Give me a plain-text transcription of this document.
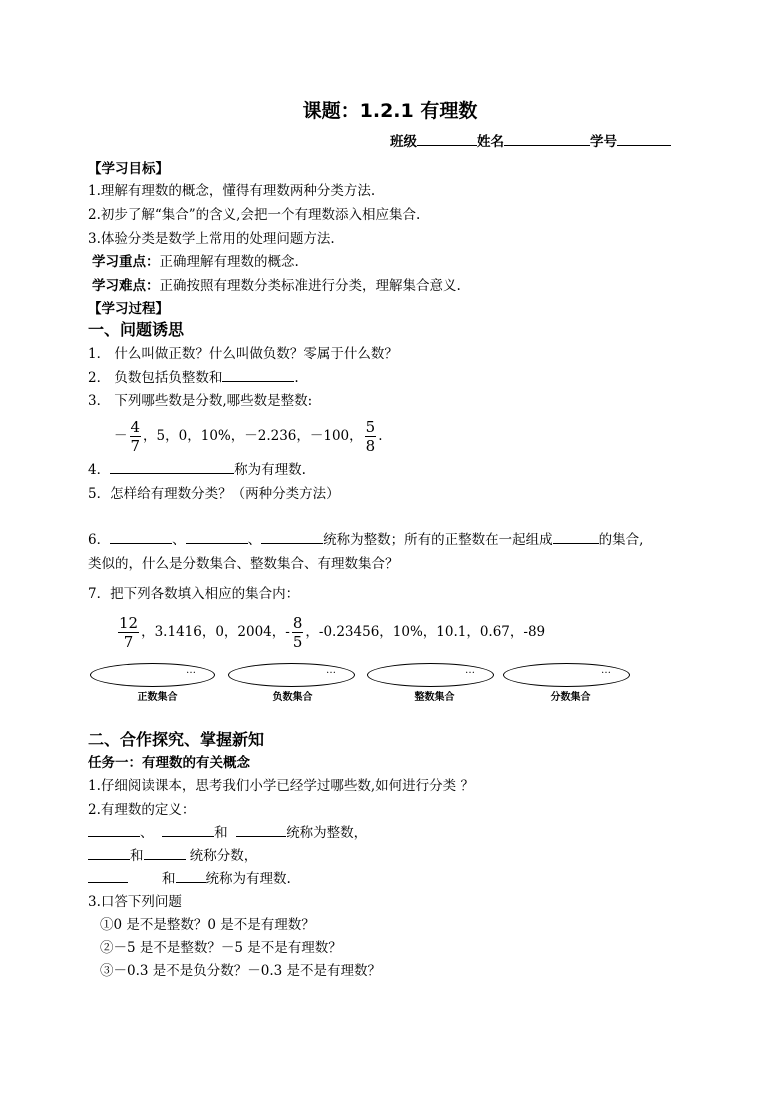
课题：1.2.1 有理数
班级	姓名	学号
【学习目标】
1.理解有理数的概念，懂得有理数两种分类方法.
2.初步了解“集合”的含义,会把一个有理数添入相应集合.
3.体验分类是数学上常用的处理问题方法.
学习重点：正确理解有理数的概念.
学习难点：正确按照有理数分类标准进行分类，理解集合意义.
【学习过程】
一、问题诱思
1． 什么叫做正数？什么叫做负数？零属于什么数？
2． 负数包括负整数和	.
3． 下列哪些数是分数,哪些数是整数:
－ $\frac{4}{7}$ ，5，0，10%，－2.236，－100， $\frac{5}{8}$ .
4．	称为有理数.
5．怎样给有理数分类？（两种分类方法）
6．	、	、	统称为整数；所有的正整数在一起组成	的集合,
类似的，什么是分数集合、整数集合、有理数集合？
7．把下列各数填入相应的集合内：
$\frac{12}{7}$ ，3.1416，0，2004，- $\frac{8}{5}$ ，-0.23456，10%，10.1，0.67，-89
…	…	…	…
正数集合	负数集合	整数集合	分数集合
二、合作探究、掌握新知
任务一：有理数的有关概念
1.仔细阅读课本，思考我们小学已经学过哪些数,如何进行分类 ？
2.有理数的定义：
、	和	统称为整数，
和	统称分数，
和 统称为有理数.
3.口答下列问题
①0 是不是整数？0 是不是有理数？
②－5 是不是整数？－5 是不是有理数？
③－0.3 是不是负分数？－0.3 是不是有理数？
